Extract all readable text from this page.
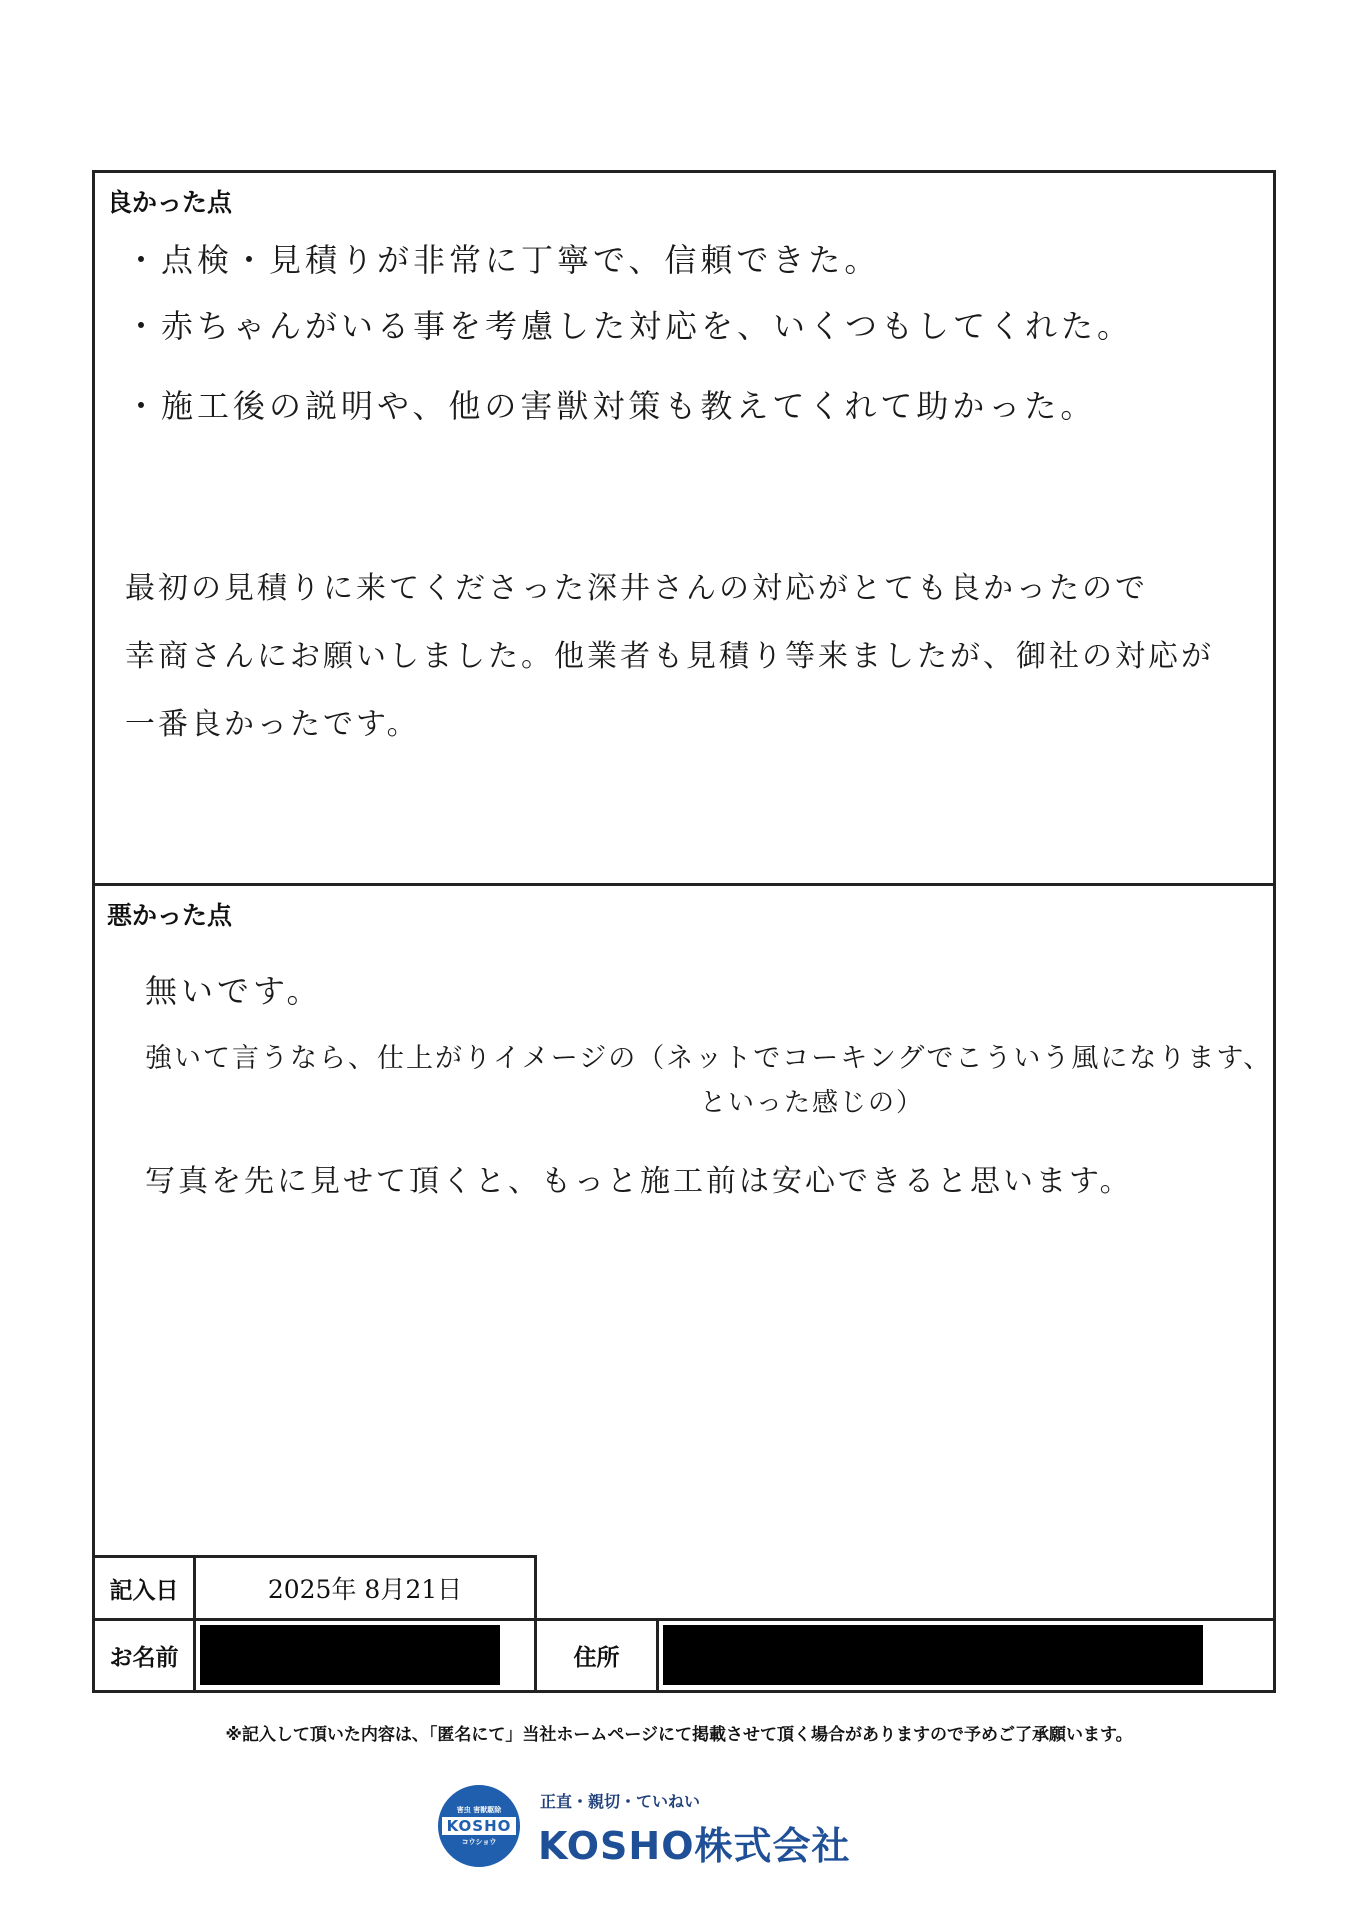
良かった点
・点検・見積りが非常に丁寧で、信頼できた。
・赤ちゃんがいる事を考慮した対応を、いくつもしてくれた。
・施工後の説明や、他の害獣対策も教えてくれて助かった。
最初の見積りに来てくださった深井さんの対応がとても良かったので
幸商さんにお願いしました。他業者も見積り等来ましたが、御社の対応が
一番良かったです。
悪かった点
無いです。
強いて言うなら、仕上がりイメージの（ネットでコーキングでこういう風になります、
といった感じの）
写真を先に見せて頂くと、もっと施工前は安心できると思います。
記入日	2025年 8月21日
お名前	住所
※記入して頂いた内容は、「匿名にて」当社ホームページにて掲載させて頂く場合がありますので予めご了承願います。
害虫 害獣駆除
KOSHO
コウショウ
正直・親切・ていねい
KOSHO株式会社
